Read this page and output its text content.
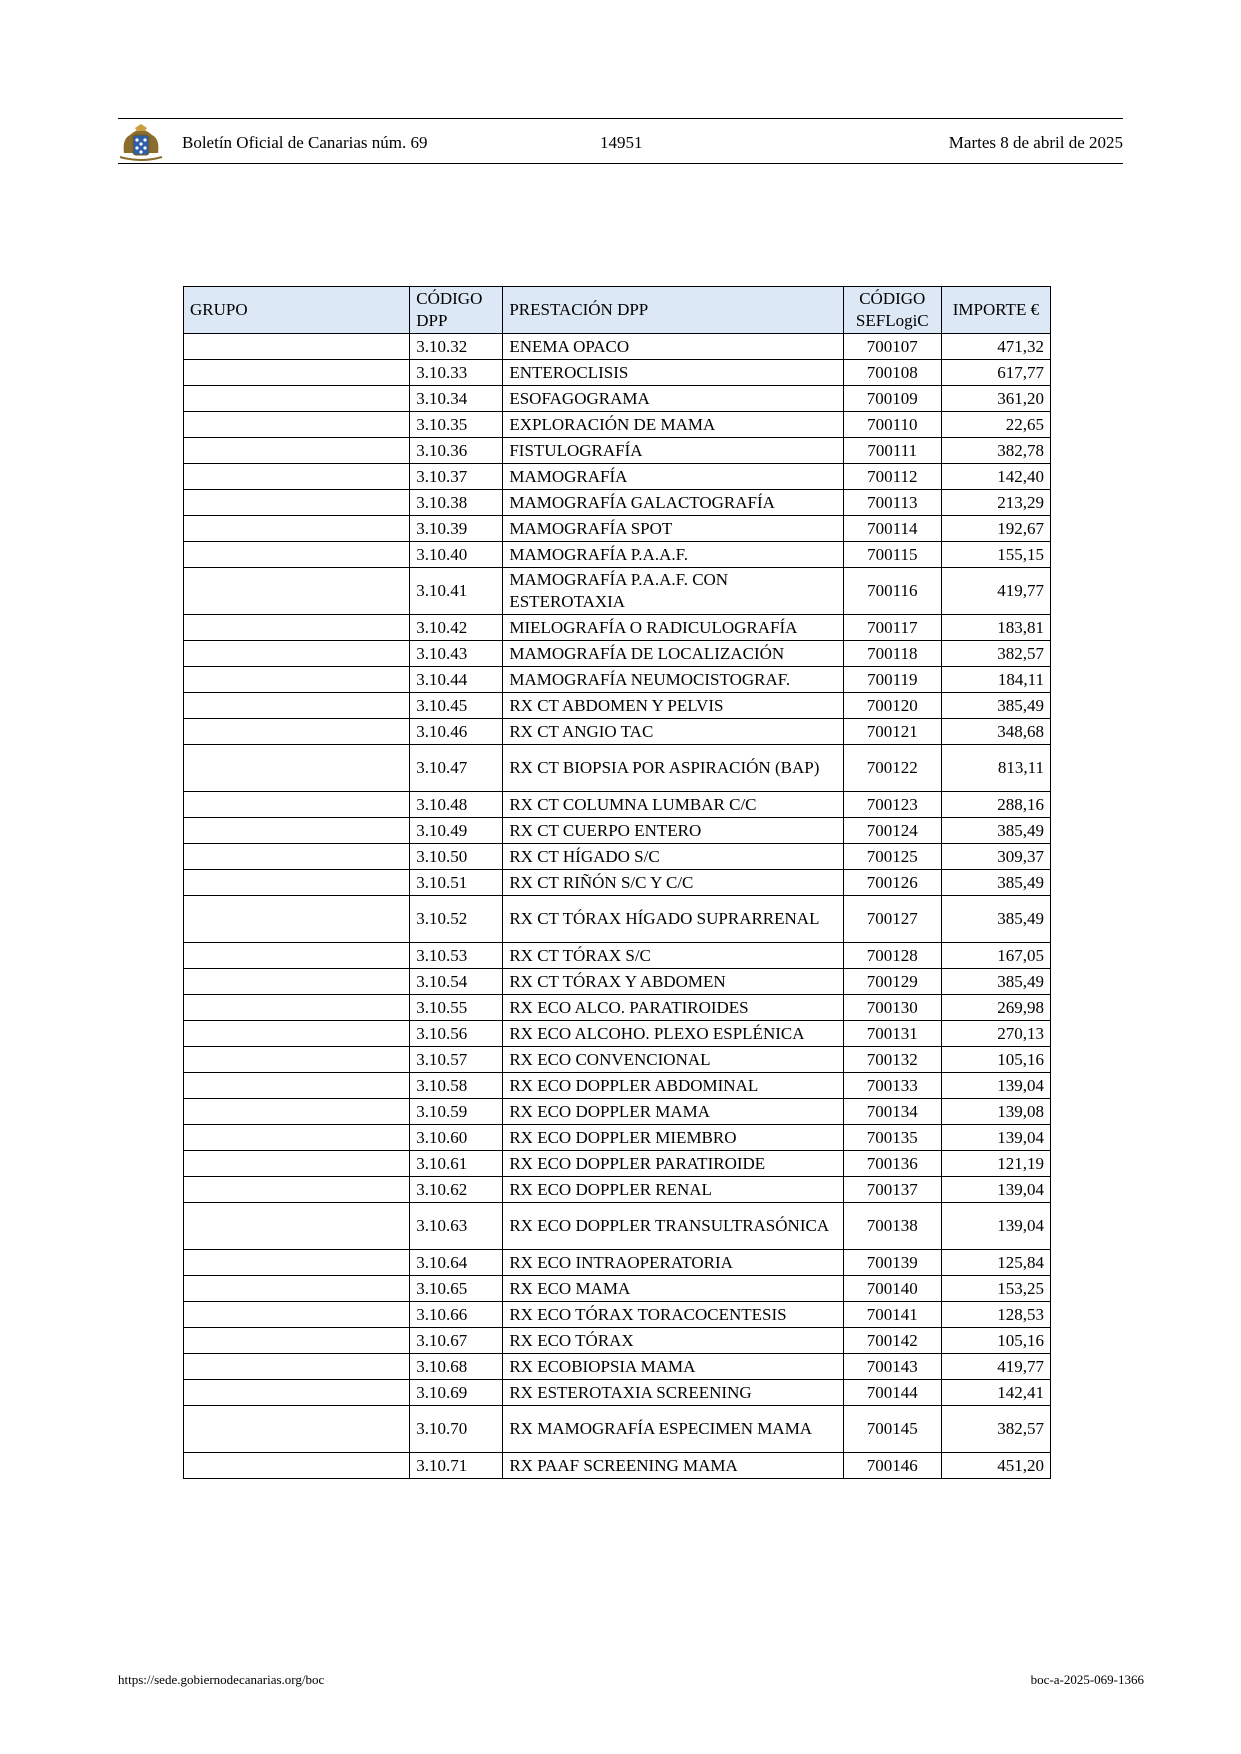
Boletín Oficial de Canarias núm. 69	14951	Martes 8 de abril de 2025
GRUPO	CÓDIGO DPP	PRESTACIÓN DPP	CÓDIGO SEFLogiC	IMPORTE €
	3.10.32	ENEMA OPACO	700107	471,32
	3.10.33	ENTEROCLISIS	700108	617,77
	3.10.34	ESOFAGOGRAMA	700109	361,20
	3.10.35	EXPLORACIÓN DE MAMA	700110	22,65
	3.10.36	FISTULOGRAFÍA	700111	382,78
	3.10.37	MAMOGRAFÍA	700112	142,40
	3.10.38	MAMOGRAFÍA GALACTOGRAFÍA	700113	213,29
	3.10.39	MAMOGRAFÍA SPOT	700114	192,67
	3.10.40	MAMOGRAFÍA P.A.A.F.	700115	155,15
	3.10.41	MAMOGRAFÍA P.A.A.F. CON ESTEROTAXIA	700116	419,77
	3.10.42	MIELOGRAFÍA O RADICULOGRAFÍA	700117	183,81
	3.10.43	MAMOGRAFÍA DE LOCALIZACIÓN	700118	382,57
	3.10.44	MAMOGRAFÍA NEUMOCISTOGRAF.	700119	184,11
	3.10.45	RX CT ABDOMEN Y PELVIS	700120	385,49
	3.10.46	RX CT ANGIO TAC	700121	348,68
	3.10.47	RX CT BIOPSIA POR ASPIRACIÓN (BAP)	700122	813,11
	3.10.48	RX CT COLUMNA LUMBAR C/C	700123	288,16
	3.10.49	RX CT CUERPO ENTERO	700124	385,49
	3.10.50	RX CT HÍGADO S/C	700125	309,37
	3.10.51	RX CT RIÑÓN S/C Y C/C	700126	385,49
	3.10.52	RX CT TÓRAX HÍGADO SUPRARRENAL	700127	385,49
	3.10.53	RX CT TÓRAX S/C	700128	167,05
	3.10.54	RX CT TÓRAX Y ABDOMEN	700129	385,49
	3.10.55	RX ECO ALCO. PARATIROIDES	700130	269,98
	3.10.56	RX ECO ALCOHO. PLEXO ESPLÉNICA	700131	270,13
	3.10.57	RX ECO CONVENCIONAL	700132	105,16
	3.10.58	RX ECO DOPPLER ABDOMINAL	700133	139,04
	3.10.59	RX ECO DOPPLER MAMA	700134	139,08
	3.10.60	RX ECO DOPPLER MIEMBRO	700135	139,04
	3.10.61	RX ECO DOPPLER PARATIROIDE	700136	121,19
	3.10.62	RX ECO DOPPLER RENAL	700137	139,04
	3.10.63	RX ECO DOPPLER TRANSULTRASÓNICA	700138	139,04
	3.10.64	RX ECO INTRAOPERATORIA	700139	125,84
	3.10.65	RX ECO MAMA	700140	153,25
	3.10.66	RX ECO TÓRAX TORACOCENTESIS	700141	128,53
	3.10.67	RX ECO TÓRAX	700142	105,16
	3.10.68	RX ECOBIOPSIA MAMA	700143	419,77
	3.10.69	RX ESTEROTAXIA SCREENING	700144	142,41
	3.10.70	RX MAMOGRAFÍA ESPECIMEN MAMA	700145	382,57
	3.10.71	RX PAAF SCREENING MAMA	700146	451,20
https://sede.gobiernodecanarias.org/boc	boc-a-2025-069-1366
